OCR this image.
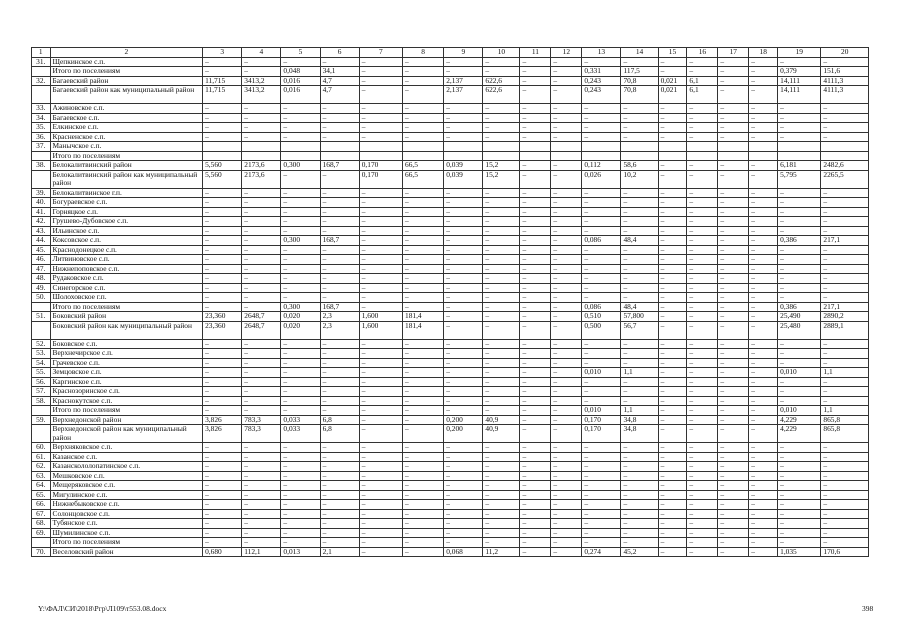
1	2	3	4	5	6	7	8	9	10	11	12	13	14	15	16	17	18	19	20
31.	Щепкинское с.п.	–	–	–	–	–	–	–	–	–	–	–	–	–	–	–	–	–	–
	Итого по поселениям	–	–	0,048	34,1	–	–	–	–	–	–	0,331	117,5	–	–	–	–	0,379	151,6
32.	Багаевский район	11,715	3413,2	0,016	4,7	–	–	2,137	622,6	–	–	0,243	70,8	0,021	6,1	–	–	14,111	4111,3
	Багаевский район как муниципальный район	11,715	3413,2	0,016	4,7	–	–	2,137	622,6	–	–	0,243	70,8	0,021	6,1	–	–	14,111	4111,3
33.	Ажиновское с.п.	–	–	–	–	–	–	–	–	–	–	–	–	–	–	–	–	–	–
34.	Багаевское с.п.	–	–	–	–	–	–	–	–	–	–	–	–	–	–	–	–	–	–
35.	Елкинское с.п.	–	–	–	–	–	–	–	–	–	–	–	–	–	–	–	–	–	–
36.	Красненское с.п.	–	–	–	–	–	–	–	–	–	–	–	–	–	–	–	–	–	–
37.	Манычское с.п.																		
	Итого по поселениям																		
38.	Белокалитвинский район	5,560	2173,6	0,300	168,7	0,170	66,5	0,039	15,2	–	–	0,112	58,6	–	–	–	–	6,181	2482,6
	Белокалитвинский район как муниципальный район	5,560	2173,6	–	–	0,170	66,5	0,039	15,2	–	–	0,026	10,2	–	–	–	–	5,795	2265,5
39.	Белокалитвинское г.п.	–	–	–	–	–	–	–	–	–	–	–	–	–	–	–	–	–	–
40.	Богураевское с.п.	–	–	–	–	–	–	–	–	–	–	–	–	–	–	–	–	–	–
41.	Горняцкое с.п.	–	–	–	–	–	–	–	–	–	–	–	–	–	–	–	–	–	–
42.	Грушево-Дубовское с.п.	–	–	–	–	–	–	–	–	–	–	–	–	–	–	–	–	–	–
43.	Ильинское с.п.	–	–	–	–	–	–	–	–	–	–	–	–	–	–	–	–	–	–
44.	Коксовское с.п.	–	–	0,300	168,7	–	–	–	–	–	–	0,086	48,4	–	–	–	–	0,386	217,1
45.	Краснодонецкое с.п.	–	–	–	–	–	–	–	–	–	–	–	–	–	–	–	–	–	–
46.	Литвиновское с.п.	–	–	–	–	–	–	–	–	–	–	–	–	–	–	–	–	–	–
47.	Нижнепоповское с.п.	–	–	–	–	–	–	–	–	–	–	–	–	–	–	–	–	–	–
48.	Рудаковское с.п.	–	–	–	–	–	–	–	–	–	–	–	–	–	–	–	–	–	–
49.	Синегорское с.п.	–	–	–	–	–	–	–	–	–	–	–	–	–	–	–	–	–	–
50.	Шолоховское г.п.	–	–	–	–	–	–	–	–	–	–	–	–	–	–	–	–	–	–
	Итого по поселениям	–	–	0,300	168,7	–	–	–	–	–	–	0,086	48,4	–	–	–	–	0,386	217,1
51.	Боковский район	23,360	2648,7	0,020	2,3	1,600	181,4	–	–	–	–	0,510	57,800	–	–	–	–	25,490	2890,2
	Боковский район как муниципальный район	23,360	2648,7	0,020	2,3	1,600	181,4	–	–	–	–	0,500	56,7	–	–	–	–	25,480	2889,1
52.	Боковское с.п.	–	–	–	–	–	–	–	–	–	–	–	–	–	–	–	–	–	–
53.	Верхнечирское с.п.	–	–	–	–	–	–	–	–	–	–	–	–	–	–	–	–	–	–
54.	Грачевское с.п.	–	–	–	–	–	–	–	–	–	–	–	–	–	–	–	–	–	–
55.	Земцовское с.п.	–	–	–	–	–	–	–	–	–	–	0,010	1,1	–	–	–	–	0,010	1,1
56.	Каргинское с.п.	–	–	–	–	–	–	–	–	–	–	–	–	–	–	–	–	–	–
57.	Краснозоринское с.п.	–	–	–	–	–	–	–	–	–	–	–	–	–	–	–	–	–	–
58.	Краснокутское с.п.	–	–	–	–	–	–	–	–	–	–	–	–	–	–	–	–	–	–
	Итого по поселениям	–	–	–	–	–	–	–	–	–	–	0,010	1,1	–	–	–	–	0,010	1,1
59.	Верхнедонской район	3,826	783,3	0,033	6,8	–	–	0,200	40,9	–	–	0,170	34,8	–	–	–	–	4,229	865,8
	Верхнедонской район как муниципальный район	3,826	783,3	0,033	6,8	–	–	0,200	40,9	–	–	0,170	34,8	–	–	–	–	4,229	865,8
60.	Верхняковское с.п.	–	–	–	–	–	–	–	–	–	–	–	–	–	–	–	–	–	–
61.	Казанское с.п.	–	–	–	–	–	–	–	–	–	–	–	–	–	–	–	–	–	–
62.	Казанскололопатинское с.п.	–	–	–	–	–	–	–	–	–	–	–	–	–	–	–	–	–	–
63.	Мешковское с.п.	–	–	–	–	–	–	–	–	–	–	–	–	–	–	–	–	–	–
64.	Мещеряковское с.п.	–	–	–	–	–	–	–	–	–	–	–	–	–	–	–	–	–	–
65.	Мигулинское с.п.	–	–	–	–	–	–	–	–	–	–	–	–	–	–	–	–	–	–
66.	Нижнебыковское с.п.	–	–	–	–	–	–	–	–	–	–	–	–	–	–	–	–	–	–
67.	Солонцовское с.п.	–	–	–	–	–	–	–	–	–	–	–	–	–	–	–	–	–	–
68.	Тубянское с.п.	–	–	–	–	–	–	–	–	–	–	–	–	–	–	–	–	–	–
69.	Шумилинское с.п.	–	–	–	–	–	–	–	–	–	–	–	–	–	–	–	–	–	–
	Итого по поселениям	–	–	–	–	–	–	–	–	–	–	–	–	–	–	–	–	–	–
70.	Веселовский район	0,680	112,1	0,013	2,1	–	–	0,068	11,2	–	–	0,274	45,2	–	–	–	–	1,035	170,6
Y:\ФАЛ\СИ\2018\Ргр\Л109\т553.08.docx	398
